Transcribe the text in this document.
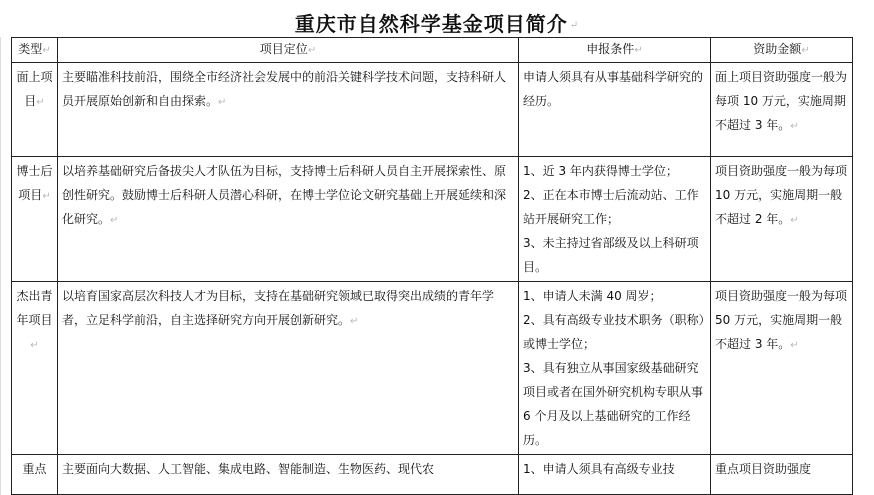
重庆市自然科学基金项目简介 ↵
类型↵	项目定位↵	申报条件↵	资助金额↵
面上项目↵	主要瞄准科技前沿，围绕全市经济社会发展中的前沿关键科学技术问题，支持科研人员开展原始创新和自由探索。↵	申请人须具有从事基础科学研究的经历。	面上项目资助强度一般为每项 10 万元，实施周期不超过 3 年。↵
博士后项目↵	以培养基础研究后备拔尖人才队伍为目标，支持博士后科研人员自主开展探索性、原创性研究。鼓励博士后科研人员潜心科研，在博士学位论文研究基础上开展延续和深化研究。↵	1、近 3 年内获得博士学位；
2、正在本市博士后流动站、工作站开展研究工作；
3、未主持过省部级及以上科研项目。	项目资助强度一般为每项 10 万元，实施周期一般不超过 2 年。↵
杰出青年项目↵	以培育国家高层次科技人才为目标，支持在基础研究领域已取得突出成绩的青年学者，立足科学前沿，自主选择研究方向开展创新研究。↵	1、申请人未满 40 周岁；
2、具有高级专业技术职务（职称）或博士学位；
3、具有独立从事国家级基础研究项目或者在国外研究机构专职从事 6 个月及以上基础研究的工作经历。	项目资助强度一般为每项 50 万元，实施周期一般不超过 3 年。↵
重点	主要面向大数据、人工智能、集成电路、智能制造、生物医药、现代农	1、申请人须具有高级专业技	重点项目资助强度
